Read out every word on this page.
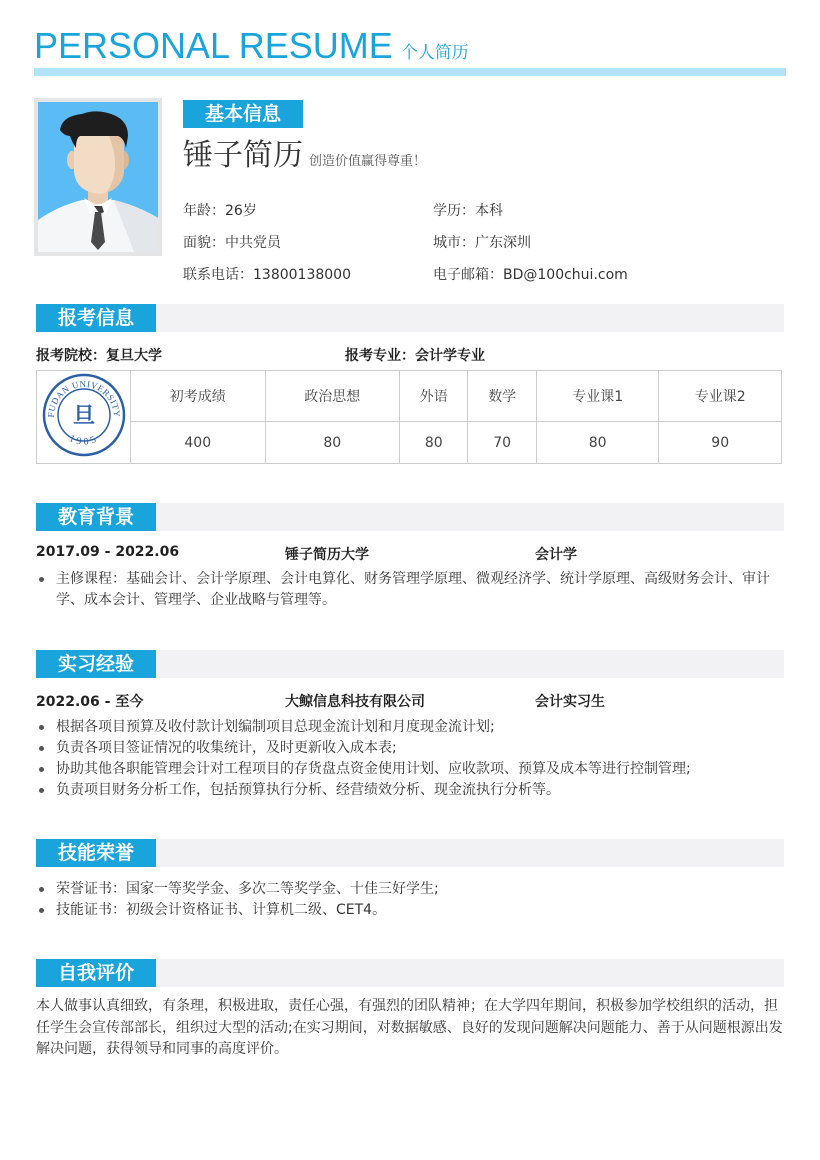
PERSONAL RESUME 个人简历
基本信息
锤子简历 创造价值赢得尊重！
年龄：26岁	学历：本科
面貌：中共党员	城市：广东深圳
联系电话：13800138000	电子邮箱：BD@100chui.com
报考信息
报考院校：复旦大学	报考专业：会计学专业
FUDAN UNIVERSITY
1905
旦	初考成绩	政治思想	外语	数学	专业课1	专业课2
	400	80	80	70	80	90
教育背景
2017.09 - 2022.06	锤子简历大学	会计学
主修课程：基础会计、会计学原理、会计电算化、财务管理学原理、微观经济学、统计学原理、高级财务会计、审计学、成本会计、管理学、企业战略与管理等。
实习经验
2022.06 - 至今	大鲸信息科技有限公司	会计实习生
根据各项目预算及收付款计划编制项目总现金流计划和月度现金流计划;
负责各项目签证情况的收集统计，及时更新收入成本表;
协助其他各职能管理会计对工程项目的存货盘点资金使用计划、应收款项、预算及成本等进行控制管理;
负责项目财务分析工作，包括预算执行分析、经营绩效分析、现金流执行分析等。
技能荣誉
荣誉证书：国家一等奖学金、多次二等奖学金、十佳三好学生;
技能证书：初级会计资格证书、计算机二级、CET4。
自我评价
本人做事认真细致，有条理，积极进取，责任心强，有强烈的团队精神；在大学四年期间，积极参加学校组织的活动，担任学生会宣传部部长，组织过大型的活动;在实习期间，对数据敏感、良好的发现问题解决问题能力、善于从问题根源出发解决问题，获得领导和同事的高度评价。
